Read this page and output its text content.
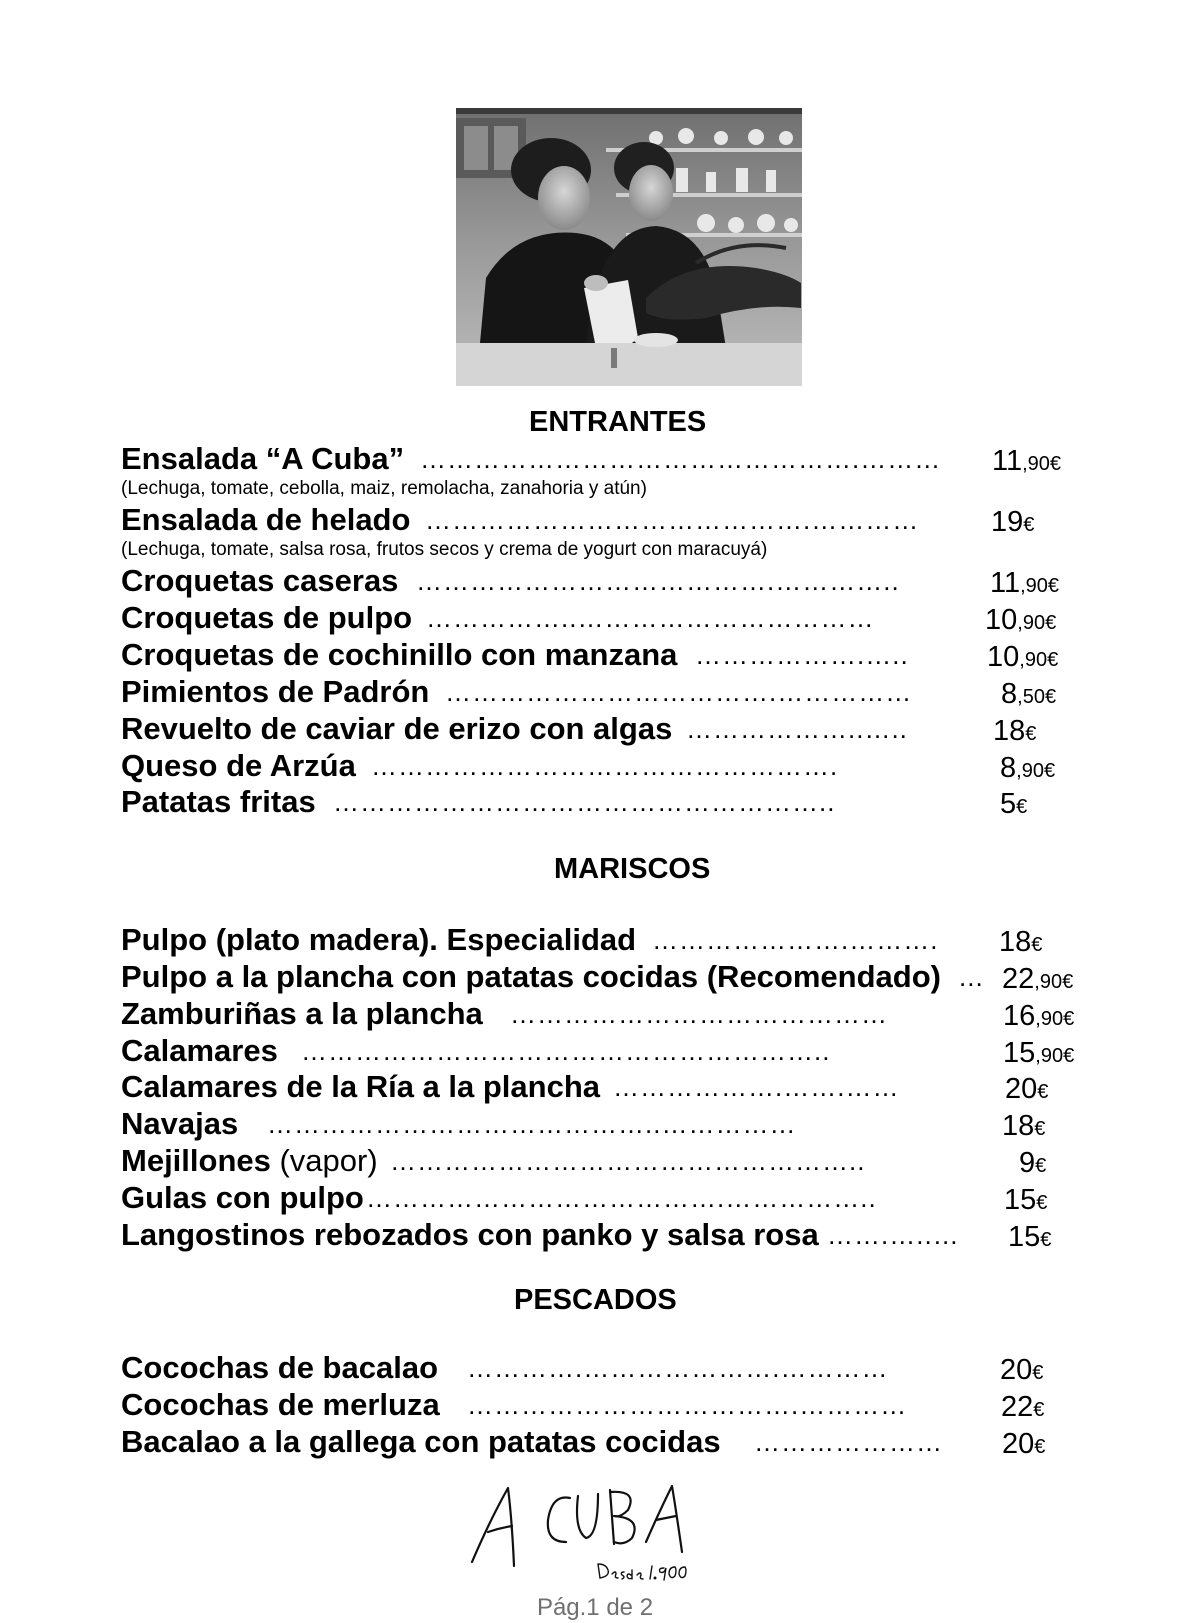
ENTRANTES
Ensalada “A Cuba” ………………………………………….……… 11,90€
(Lechuga, tomate, cebolla, maiz, remolacha, zanahoria y atún)
Ensalada de helado …………………………………….………… 19€
(Lechuga, tomate, salsa rosa, frutos secos y crema de yogurt con maracuyá)
Croquetas caseras ………………………………….…………..	11,90€
Croquetas de pulpo ……………..……………………………	10,90€
Croquetas de cochinillo con manzana ……………….…..	10,90€
Pimientos de Padrón ……………………………….……………	8,50€
Revuelto de caviar de erizo con algas ………………..…..	18€
Queso de Arzúa …………………………………………….	8,90€
Patatas fritas ………………………………………………..	5€
MARISCOS
Pulpo (plato madera). Especialidad ………………….………. 18€
Pulpo a la plancha con patatas cocidas (Recomendado) ... 22,90€
Zamburiñas a la plancha ……………………………………	16,90€
Calamares …………………………………………………..	15,90€
Calamares de la Ría a la plancha ……………….…….……	20€
Navajas ……………………………………..……………	18€
Mejillones (vapor) ……………………………………………..	9€
Gulas con pulpo ………………………………….……………..	15€
Langostinos rebozados con panko y salsa rosa …….…..… 15€
PESCADOS
Cocochas de bacalao ………….………………….…………	20€
Cocochas de merluza ……………………………….…………	22€
Bacalao a la gallega con patatas cocidas ………………… 20€
Pág.1 de 2
